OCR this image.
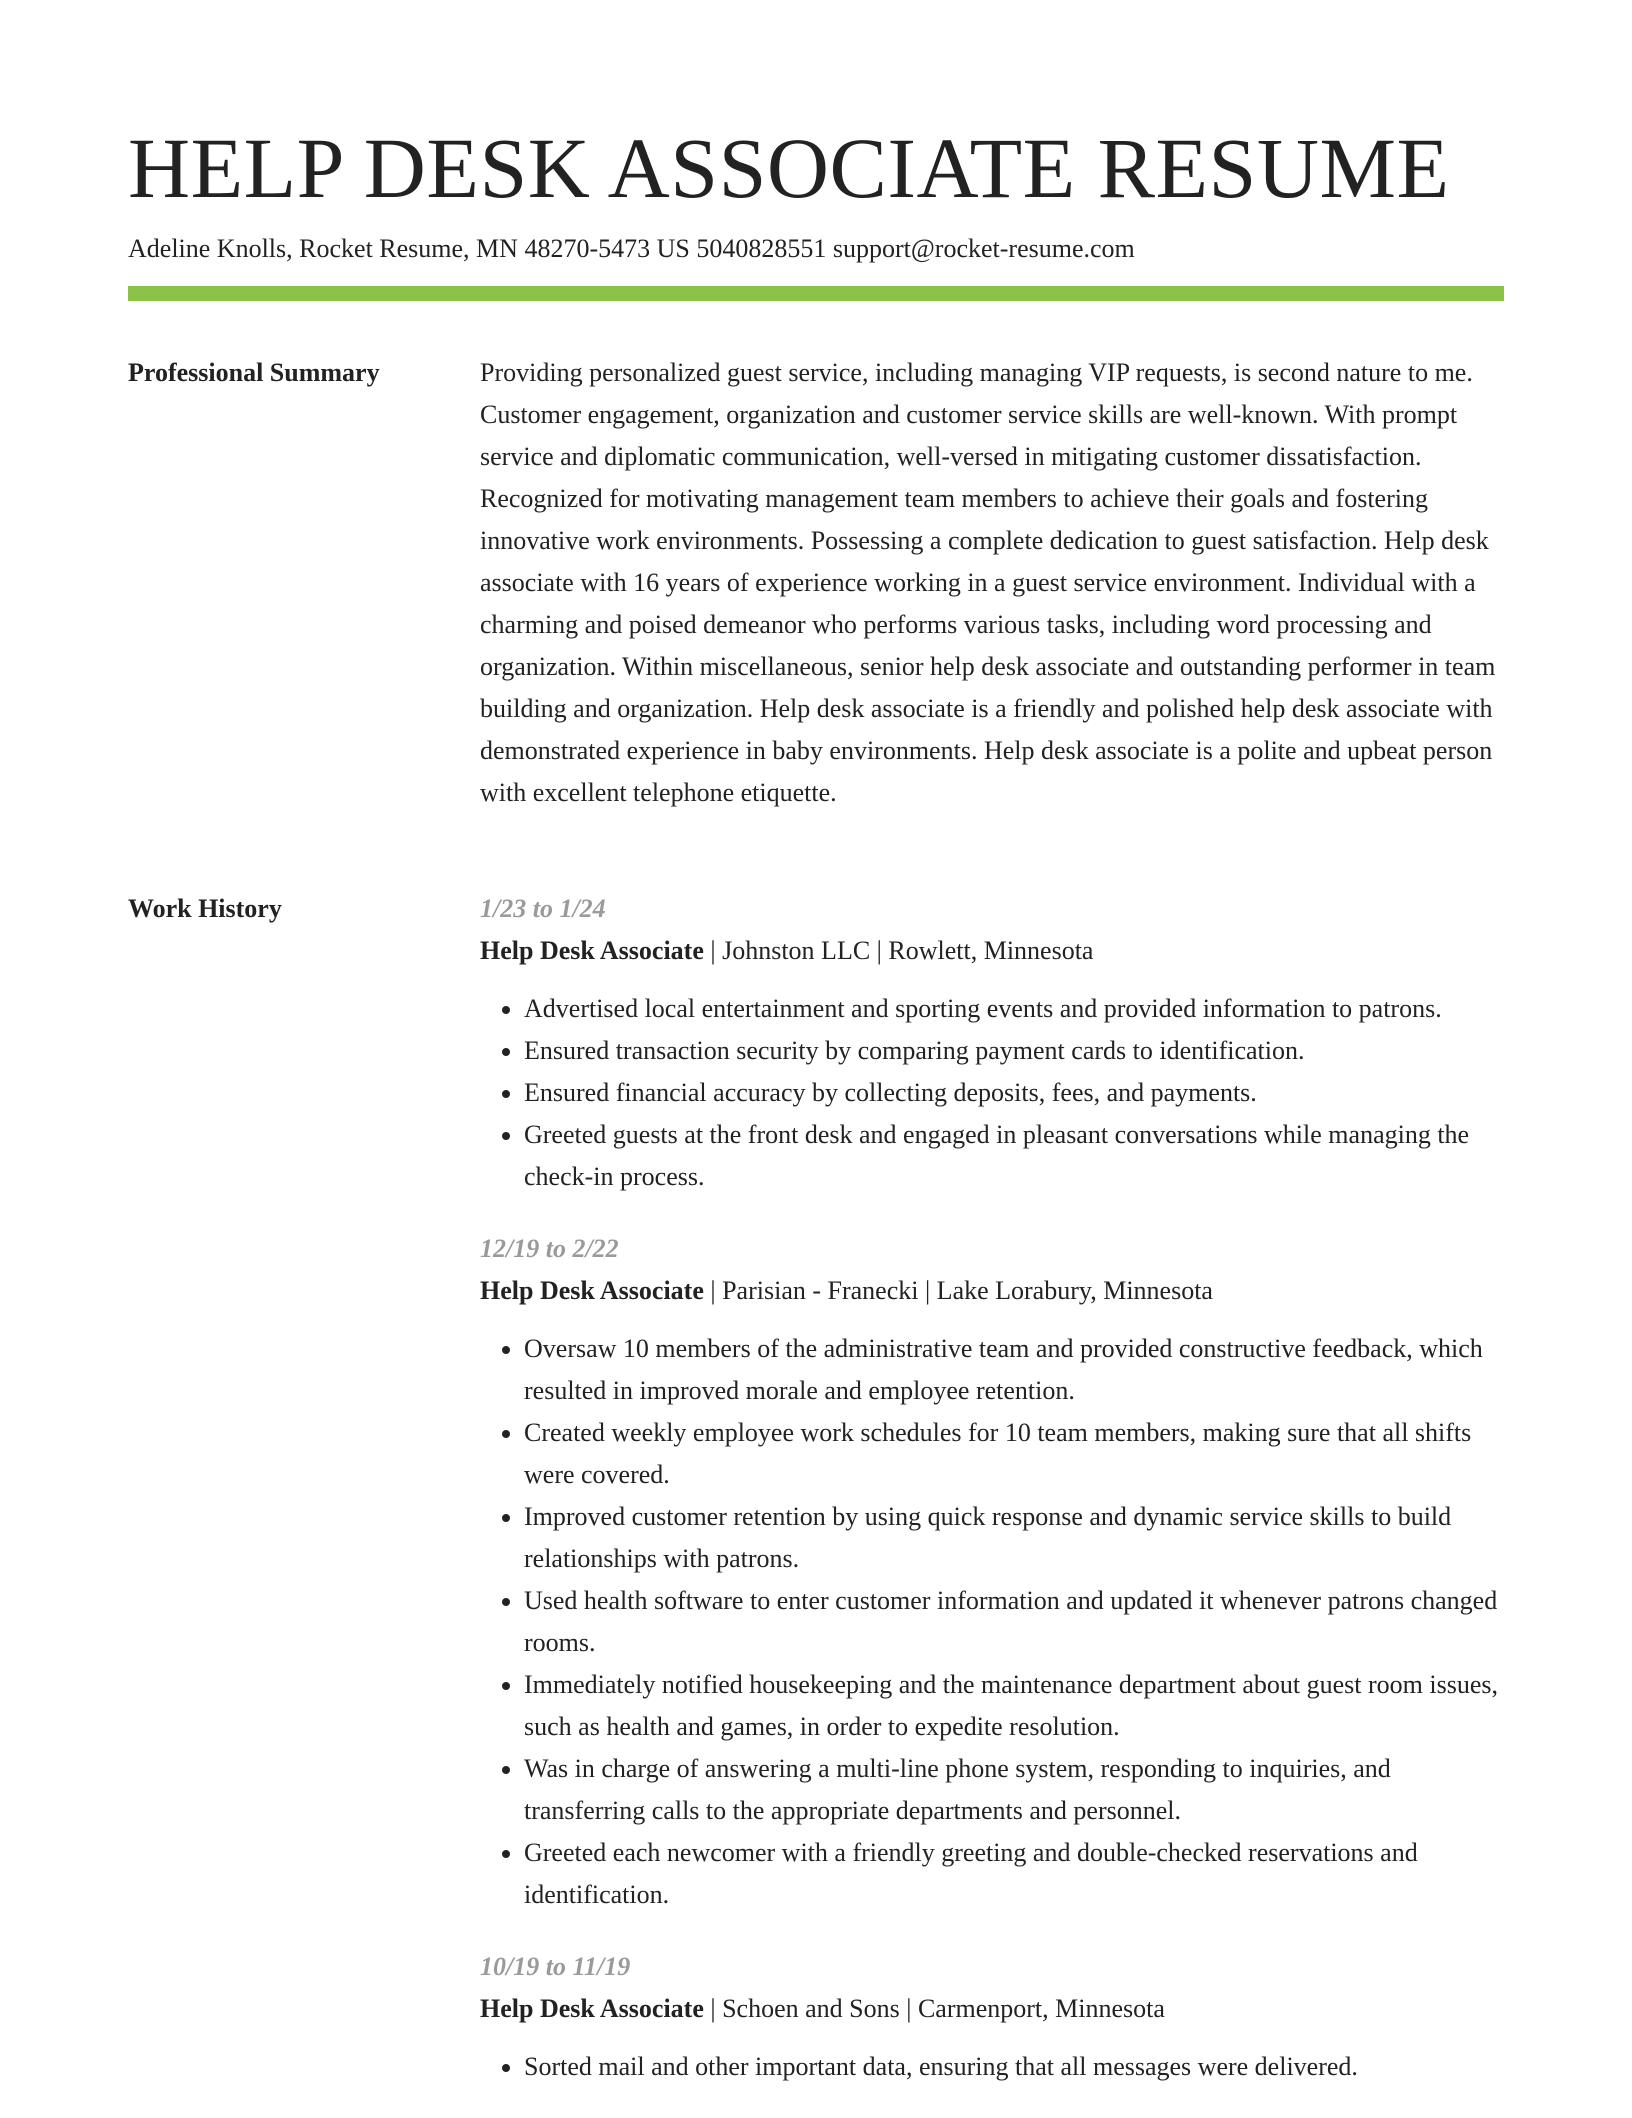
HELP DESK ASSOCIATE RESUME
Adeline Knolls, Rocket Resume, MN 48270-5473 US 5040828551 support@rocket-resume.com
Professional Summary	Providing personalized guest service, including managing VIP requests, is second nature to me. Customer engagement, organization and customer service skills are well-known. With prompt service and diplomatic communication, well-versed in mitigating customer dissatisfaction. Recognized for motivating management team members to achieve their goals and fostering innovative work environments. Possessing a complete dedication to guest satisfaction. Help desk associate with 16 years of experience working in a guest service environment. Individual with a charming and poised demeanor who performs various tasks, including word processing and organization. Within miscellaneous, senior help desk associate and outstanding performer in team building and organization. Help desk associate is a friendly and polished help desk associate with demonstrated experience in baby environments. Help desk associate is a polite and upbeat person with excellent telephone etiquette.

Work History	1/23 to 1/24
Help Desk Associate | Johnston LLC | Rowlett, Minnesota
• Advertised local entertainment and sporting events and provided information to patrons.
• Ensured transaction security by comparing payment cards to identification.
• Ensured financial accuracy by collecting deposits, fees, and payments.
• Greeted guests at the front desk and engaged in pleasant conversations while managing the check-in process.
12/19 to 2/22
Help Desk Associate | Parisian - Franecki | Lake Lorabury, Minnesota
• Oversaw 10 members of the administrative team and provided constructive feedback, which resulted in improved morale and employee retention.
• Created weekly employee work schedules for 10 team members, making sure that all shifts were covered.
• Improved customer retention by using quick response and dynamic service skills to build relationships with patrons.
• Used health software to enter customer information and updated it whenever patrons changed rooms.
• Immediately notified housekeeping and the maintenance department about guest room issues, such as health and games, in order to expedite resolution.
• Was in charge of answering a multi-line phone system, responding to inquiries, and transferring calls to the appropriate departments and personnel.
• Greeted each newcomer with a friendly greeting and double-checked reservations and identification.
10/19 to 11/19
Help Desk Associate | Schoen and Sons | Carmenport, Minnesota
• Sorted mail and other important data, ensuring that all messages were delivered.
